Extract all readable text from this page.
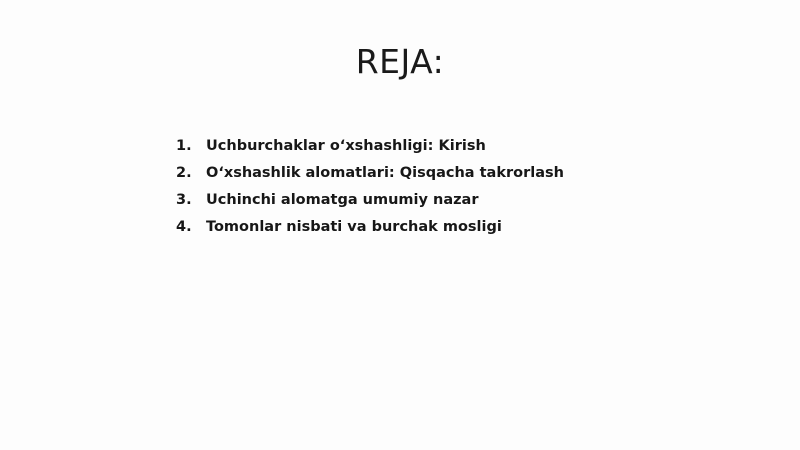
REJA:
1. Uchburchaklar o‘xshashligi: Kirish
2. O‘xshashlik alomatlari: Qisqacha takrorlash
3. Uchinchi alomatga umumiy nazar
4. Tomonlar nisbati va burchak mosligi
